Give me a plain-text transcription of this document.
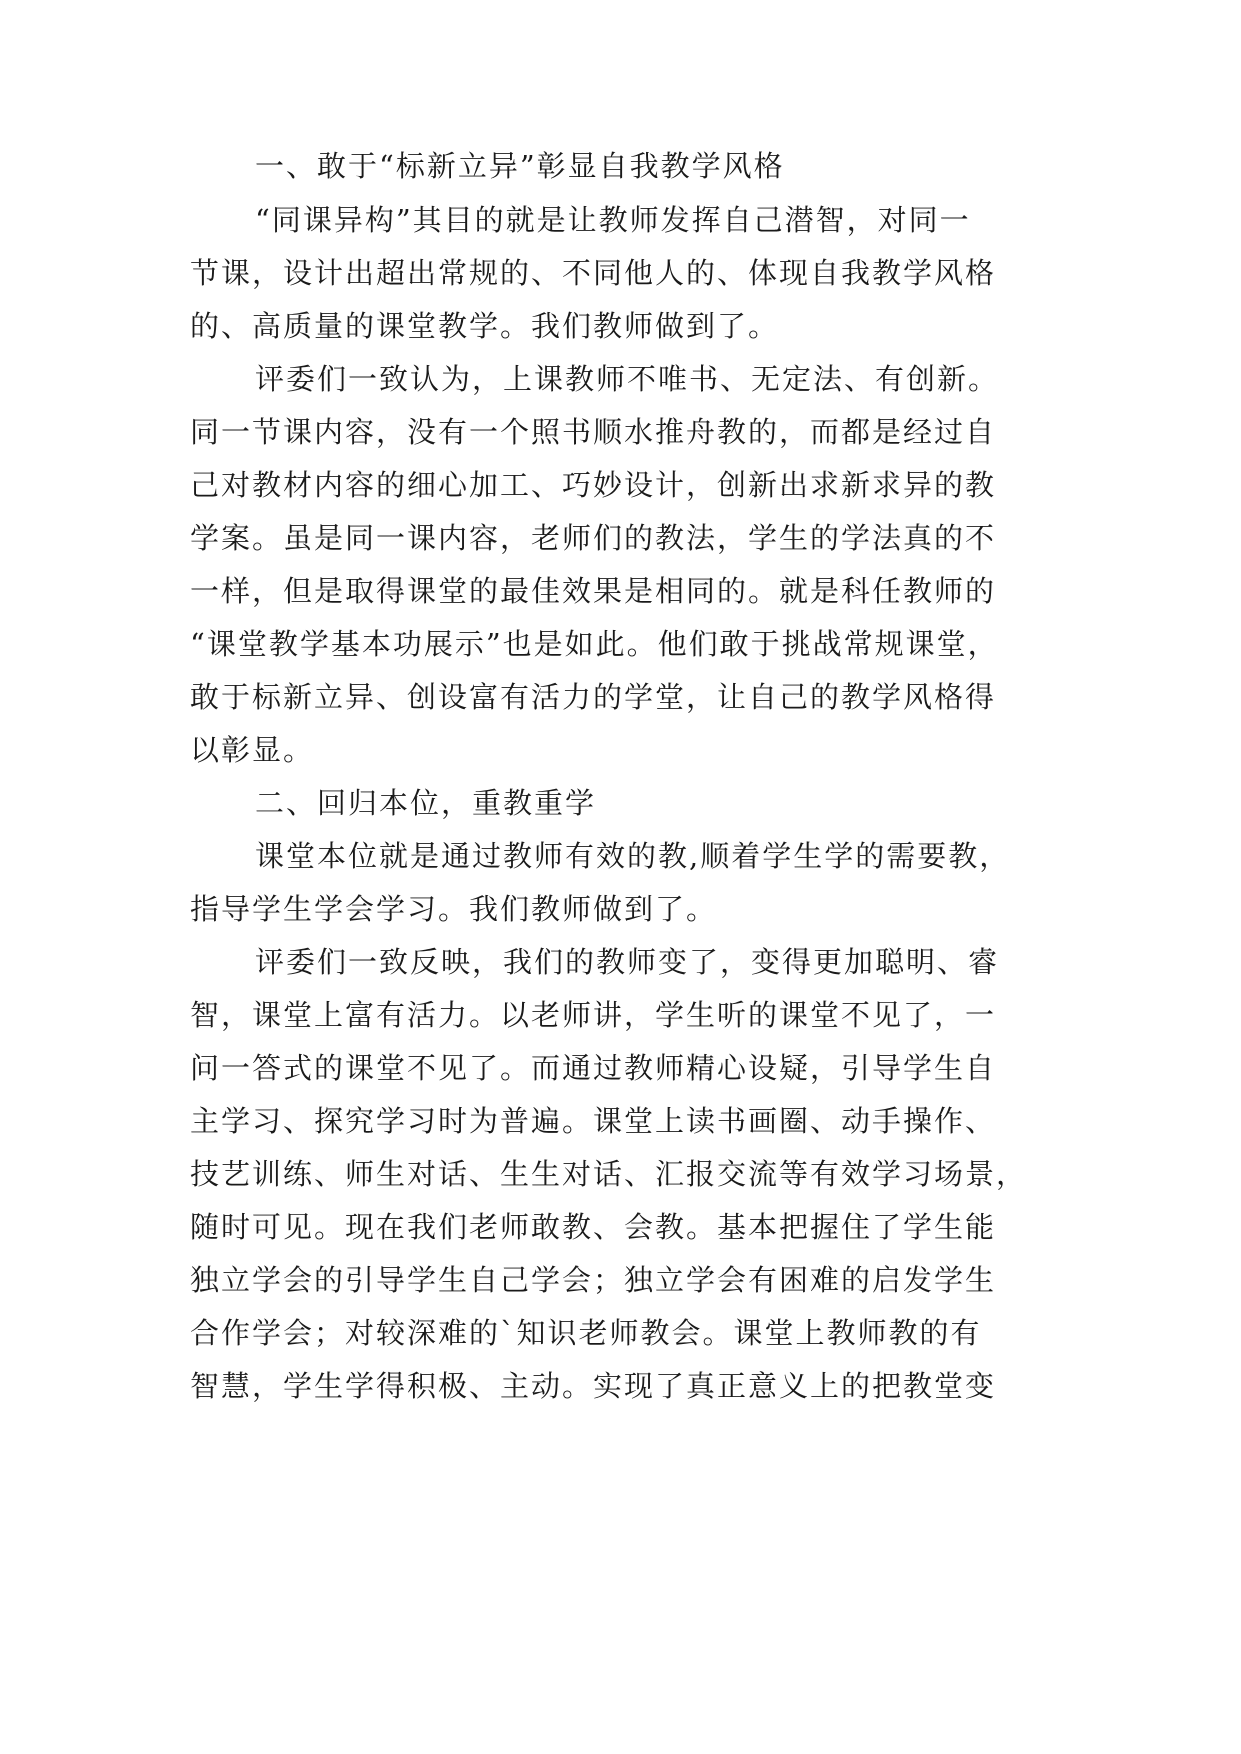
一、敢于“标新立异”彰显自我教学风格
“同课异构”其目的就是让教师发挥自己潜智，对同一
节课，设计出超出常规的、不同他人的、体现自我教学风格
的、高质量的课堂教学。我们教师做到了。
评委们一致认为，上课教师不唯书、无定法、有创新。
同一节课内容，没有一个照书顺水推舟教的，而都是经过自
己对教材内容的细心加工、巧妙设计，创新出求新求异的教
学案。虽是同一课内容，老师们的教法，学生的学法真的不
一样，但是取得课堂的最佳效果是相同的。就是科任教师的
“课堂教学基本功展示”也是如此。他们敢于挑战常规课堂，
敢于标新立异、创设富有活力的学堂，让自己的教学风格得
以彰显。
二、回归本位，重教重学
课堂本位就是通过教师有效的教,顺着学生学的需要教，
指导学生学会学习。我们教师做到了。
评委们一致反映，我们的教师变了，变得更加聪明、睿
智，课堂上富有活力。以老师讲，学生听的课堂不见了，一
问一答式的课堂不见了。而通过教师精心设疑，引导学生自
主学习、探究学习时为普遍。课堂上读书画圈、动手操作、
技艺训练、师生对话、生生对话、汇报交流等有效学习场景，
随时可见。现在我们老师敢教、会教。基本把握住了学生能
独立学会的引导学生自己学会；独立学会有困难的启发学生
合作学会；对较深难的`知识老师教会。课堂上教师教的有
智慧，学生学得积极、主动。实现了真正意义上的把教堂变
